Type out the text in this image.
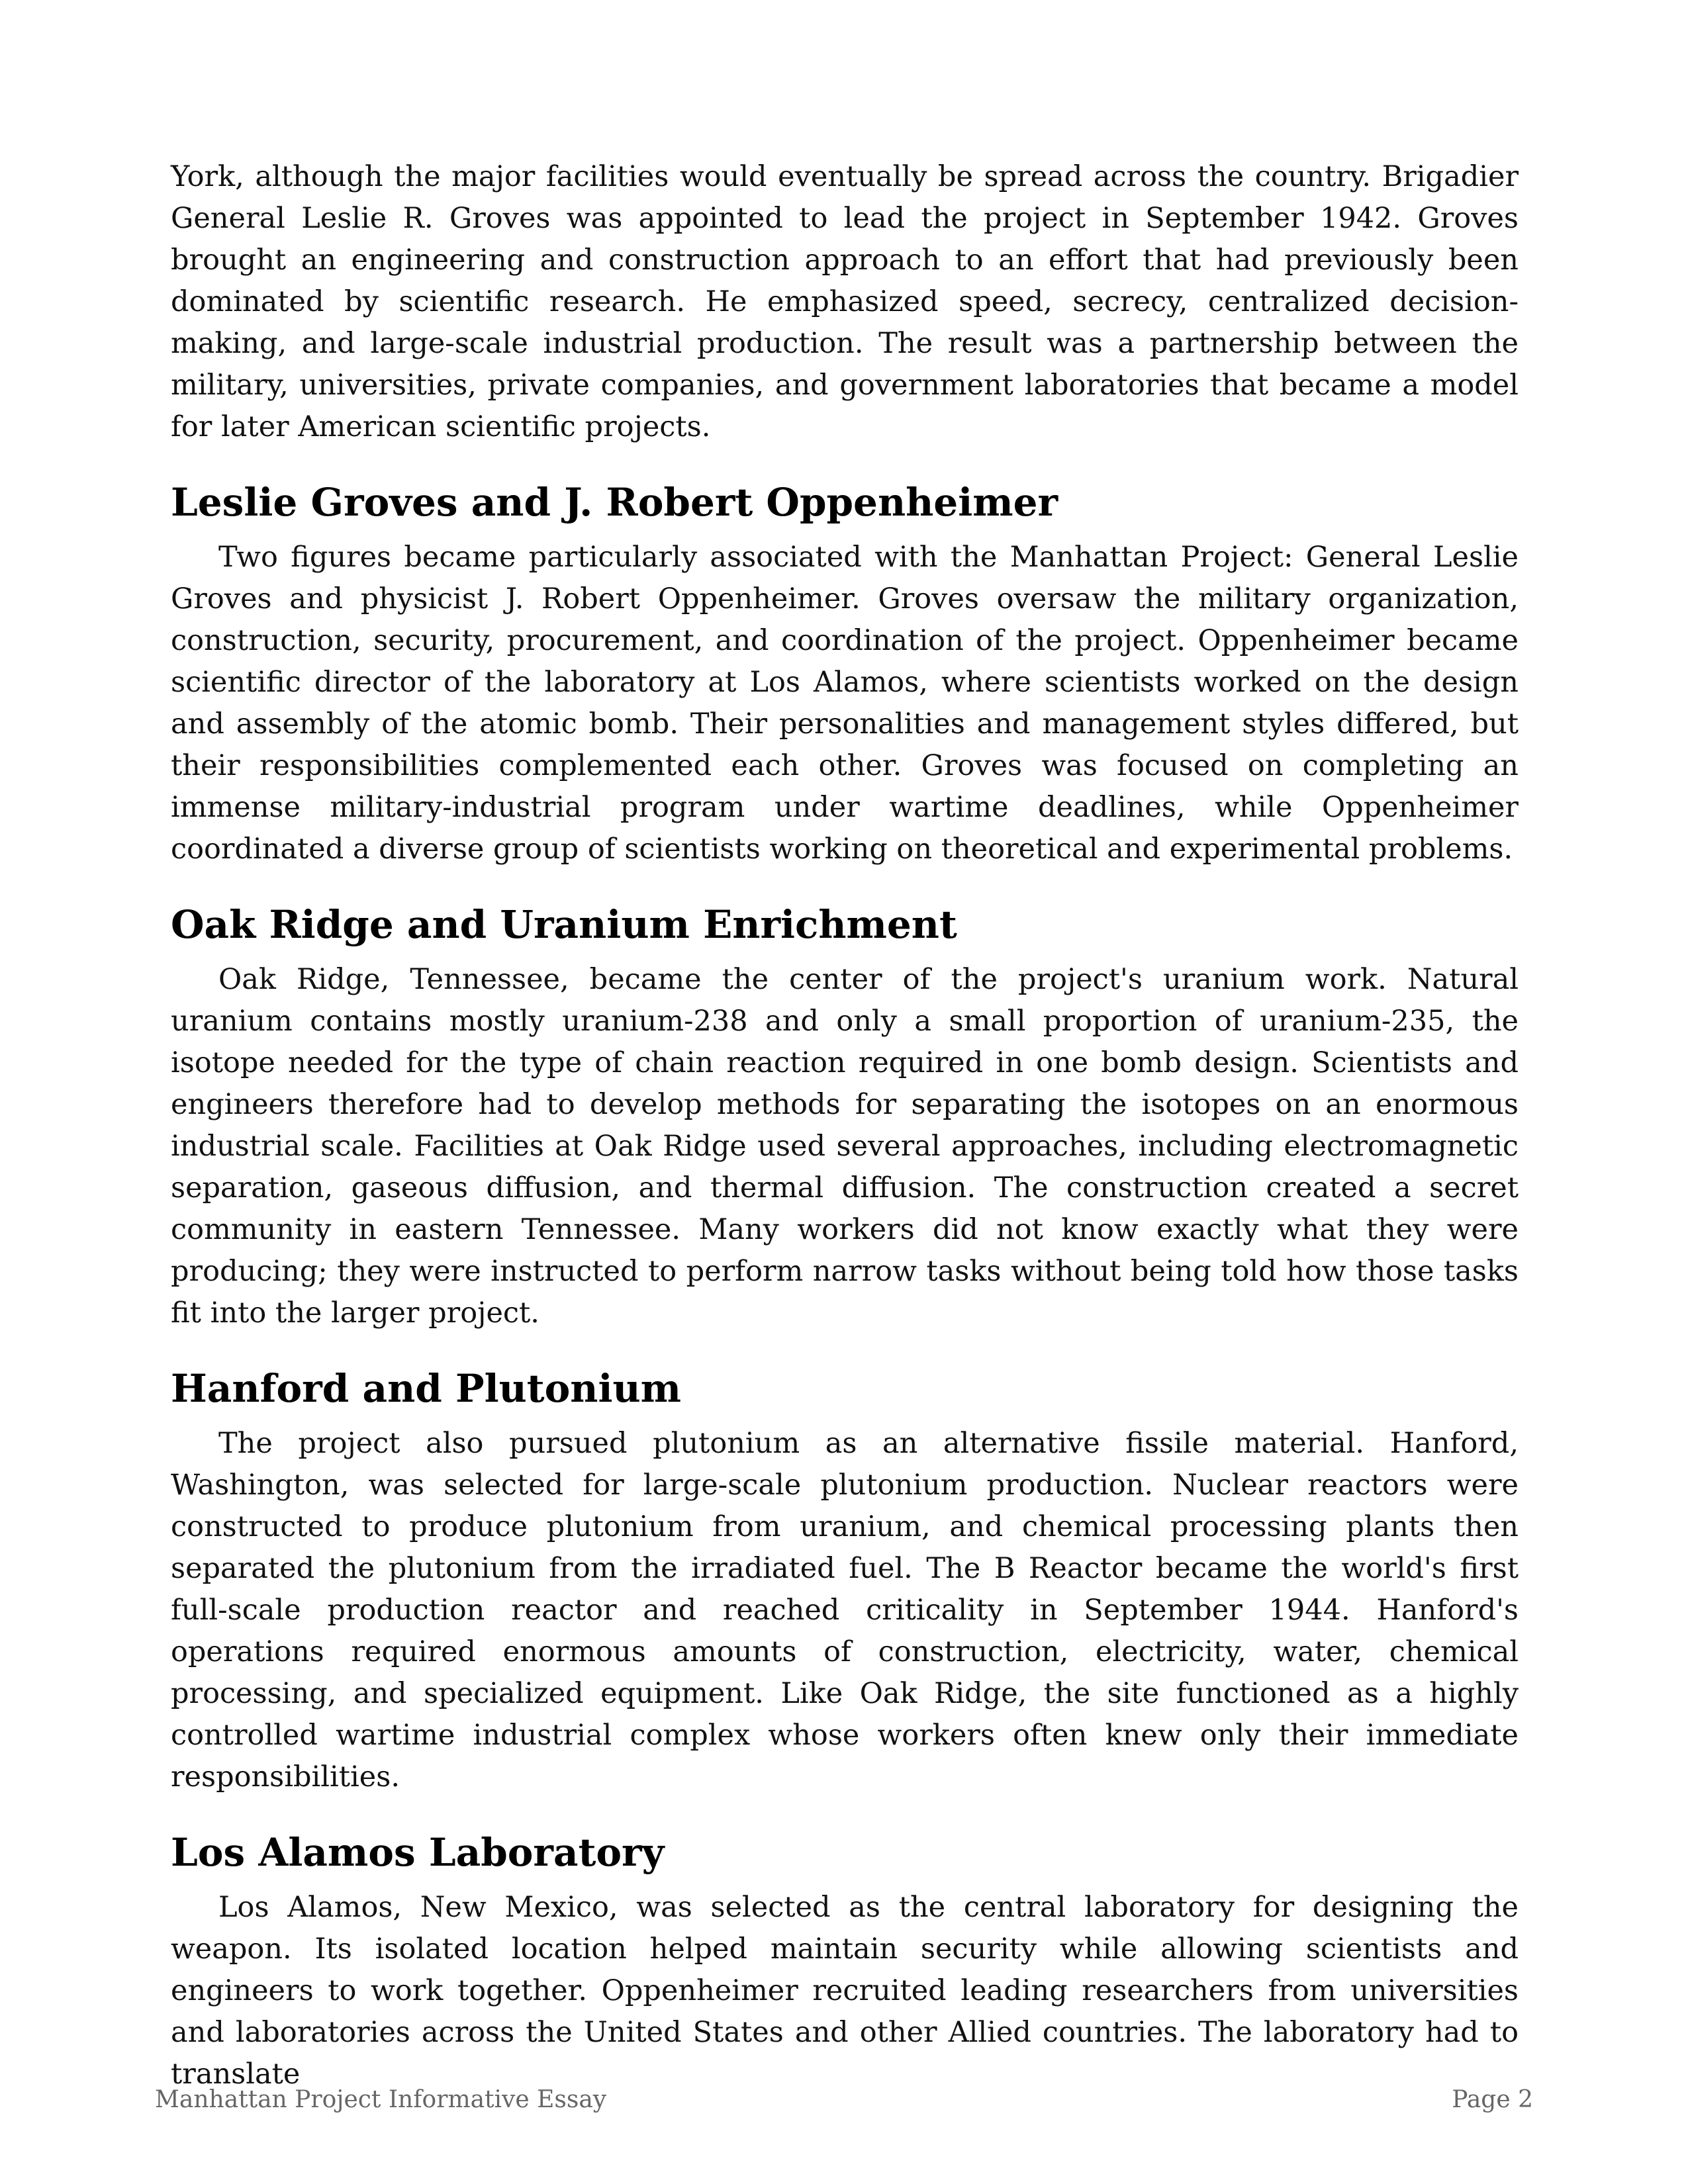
York, although the major facilities would eventually be spread across the country. Brigadier General Leslie R. Groves was appointed to lead the project in September 1942. Groves brought an engineering and construction approach to an effort that had previously been dominated by scientific research. He emphasized speed, secrecy, centralized decision-making, and large-scale industrial production. The result was a partnership between the military, universities, private companies, and government laboratories that became a model for later American scientific projects.

Leslie Groves and J. Robert Oppenheimer

Two figures became particularly associated with the Manhattan Project: General Leslie Groves and physicist J. Robert Oppenheimer. Groves oversaw the military organization, construction, security, procurement, and coordination of the project. Oppenheimer became scientific director of the laboratory at Los Alamos, where scientists worked on the design and assembly of the atomic bomb. Their personalities and management styles differed, but their responsibilities complemented each other. Groves was focused on completing an immense military-industrial program under wartime deadlines, while Oppenheimer coordinated a diverse group of scientists working on theoretical and experimental problems.

Oak Ridge and Uranium Enrichment

Oak Ridge, Tennessee, became the center of the project's uranium work. Natural uranium contains mostly uranium-238 and only a small proportion of uranium-235, the isotope needed for the type of chain reaction required in one bomb design. Scientists and engineers therefore had to develop methods for separating the isotopes on an enormous industrial scale. Facilities at Oak Ridge used several approaches, including electromagnetic separation, gaseous diffusion, and thermal diffusion. The construction created a secret community in eastern Tennessee. Many workers did not know exactly what they were producing; they were instructed to perform narrow tasks without being told how those tasks fit into the larger project.

Hanford and Plutonium

The project also pursued plutonium as an alternative fissile material. Hanford, Washington, was selected for large-scale plutonium production. Nuclear reactors were constructed to produce plutonium from uranium, and chemical processing plants then separated the plutonium from the irradiated fuel. The B Reactor became the world's first full-scale production reactor and reached criticality in September 1944. Hanford's operations required enormous amounts of construction, electricity, water, chemical processing, and specialized equipment. Like Oak Ridge, the site functioned as a highly controlled wartime industrial complex whose workers often knew only their immediate responsibilities.

Los Alamos Laboratory

Los Alamos, New Mexico, was selected as the central laboratory for designing the weapon. Its isolated location helped maintain security while allowing scientists and engineers to work together. Oppenheimer recruited leading researchers from universities and laboratories across the United States and other Allied countries. The laboratory had to translate

Manhattan Project Informative Essay	Page 2
